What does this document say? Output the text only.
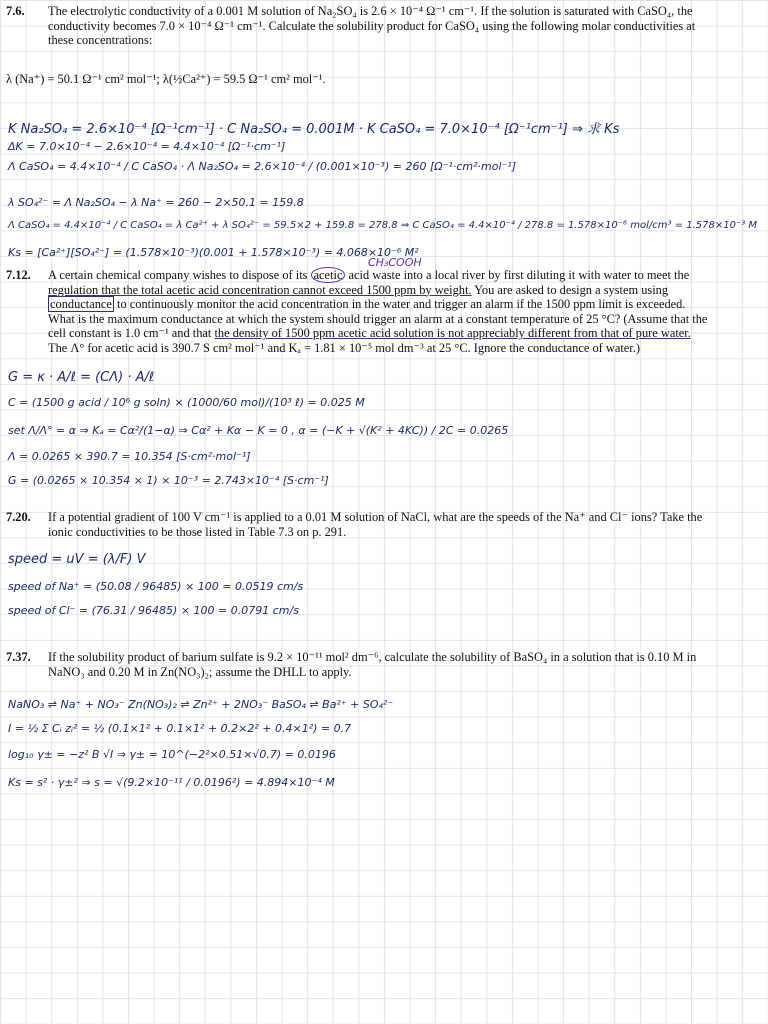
7.6. The electrolytic conductivity of a 0.001 M solution of Na₂SO₄ is 2.6 × 10⁻⁴ Ω⁻¹ cm⁻¹. If the solution is saturated with CaSO₄, the
conductivity becomes 7.0 × 10⁻⁴ Ω⁻¹ cm⁻¹. Calculate the solubility product for CaSO₄ using the following molar conductivities at
these concentrations:
λ (Na⁺) = 50.1 Ω⁻¹ cm² mol⁻¹; λ(½Ca²⁺) = 59.5 Ω⁻¹ cm² mol⁻¹.
K Na₂SO₄ = 2.6×10⁻⁴ [Ω⁻¹cm⁻¹] · C Na₂SO₄ = 0.001M · K CaSO₄ = 7.0×10⁻⁴ [Ω⁻¹cm⁻¹] ⇒ 求 Ks
ΔK = 7.0×10⁻⁴ − 2.6×10⁻⁴ = 4.4×10⁻⁴ [Ω⁻¹·cm⁻¹]
Λ CaSO₄ = 4.4×10⁻⁴ / C CaSO₄ · Λ Na₂SO₄ = 2.6×10⁻⁴ / (0.001×10⁻³) = 260 [Ω⁻¹·cm²·mol⁻¹]
λ SO₄²⁻ = Λ Na₂SO₄ − λ Na⁺ = 260 − 2×50.1 = 159.8
Λ CaSO₄ = 4.4×10⁻⁴ / C CaSO₄ = λ Ca²⁺ + λ SO₄²⁻ = 59.5×2 + 159.8 = 278.8 ⇒ C CaSO₄ = 4.4×10⁻⁴ / 278.8 = 1.578×10⁻⁶ mol/cm³ = 1.578×10⁻³ M
Ks = [Ca²⁺][SO₄²⁻] = (1.578×10⁻³)(0.001 + 1.578×10⁻³) = 4.068×10⁻⁶ M²
CH₃COOH
7.12. A certain chemical company wishes to dispose of its acetic acid waste into a local river by first diluting it with water to meet the
regulation that the total acetic acid concentration cannot exceed 1500 ppm by weight. You are asked to design a system using
conductance to continuously monitor the acid concentration in the water and trigger an alarm if the 1500 ppm limit is exceeded.
What is the maximum conductance at which the system should trigger an alarm at a constant temperature of 25 °C? (Assume that the
cell constant is 1.0 cm⁻¹ and that the density of 1500 ppm acetic acid solution is not appreciably different from that of pure water.
The Λ° for acetic acid is 390.7 S cm² mol⁻¹ and Kₐ = 1.81 × 10⁻⁵ mol dm⁻³ at 25 °C. Ignore the conductance of water.)
G = κ · A/ℓ = (CΛ) · A/ℓ
C = (1500 g acid / 10⁶ g soln) × (1000/60 mol)/(10³ ℓ) = 0.025 M
set Λ/Λ° = α ⇒ Kₐ = Cα²/(1−α) ⇒ Cα² + Kα − K = 0 , α = (−K + √(K² + 4KC)) / 2C = 0.0265
Λ = 0.0265 × 390.7 = 10.354 [S·cm²·mol⁻¹]
G = (0.0265 × 10.354 × 1) × 10⁻³ = 2.743×10⁻⁴ [S·cm⁻¹]
7.20. If a potential gradient of 100 V cm⁻¹ is applied to a 0.01 M solution of NaCl, what are the speeds of the Na⁺ and Cl⁻ ions? Take the
ionic conductivities to be those listed in Table 7.3 on p. 291.
speed = uV = (λ/F) V
speed of Na⁺ = (50.08 / 96485) × 100 = 0.0519 cm/s
speed of Cl⁻ = (76.31 / 96485) × 100 = 0.0791 cm/s
7.37. If the solubility product of barium sulfate is 9.2 × 10⁻¹¹ mol² dm⁻⁶, calculate the solubility of BaSO₄ in a solution that is 0.10 M in
NaNO₃ and 0.20 M in Zn(NO₃)₂; assume the DHLL to apply.
NaNO₃ ⇌ Na⁺ + NO₃⁻ Zn(NO₃)₂ ⇌ Zn²⁺ + 2NO₃⁻ BaSO₄ ⇌ Ba²⁺ + SO₄²⁻
I = ½ Σ Cᵢ zᵢ² = ½ (0.1×1² + 0.1×1² + 0.2×2² + 0.4×1²) = 0.7
log₁₀ γ± = −z² B √I ⇒ γ± = 10^(−2²×0.51×√0.7) = 0.0196
Ks = s² · γ±² ⇒ s = √(9.2×10⁻¹¹ / 0.0196²) = 4.894×10⁻⁴ M
